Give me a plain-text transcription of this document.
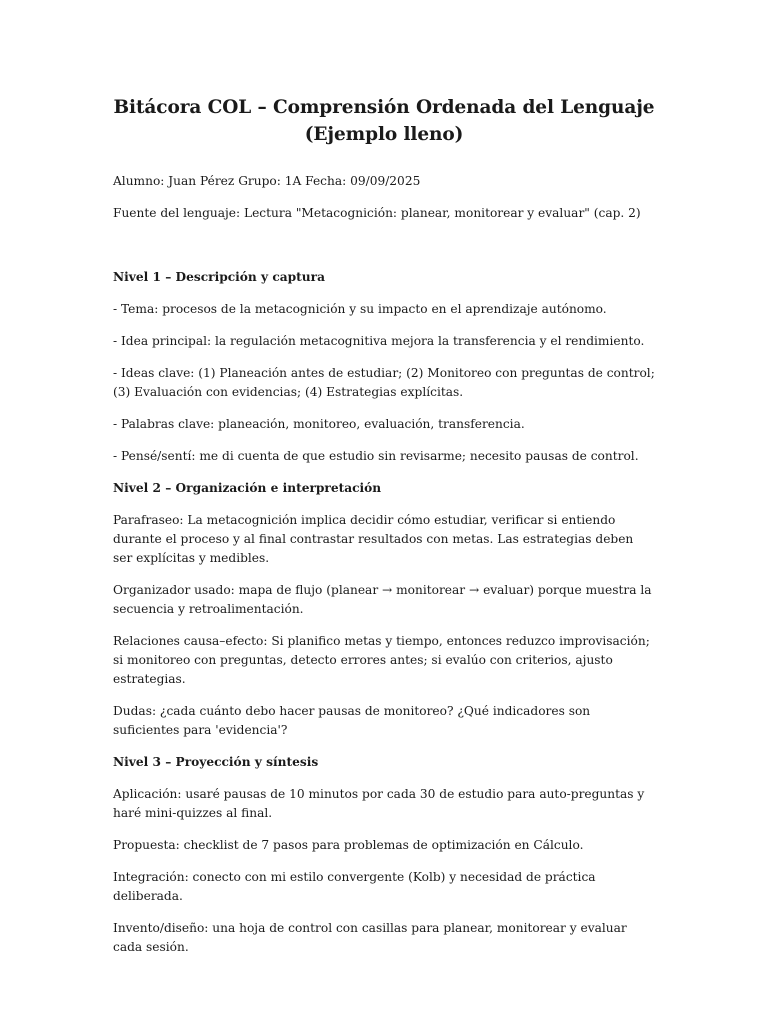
Bitácora COL – Comprensión Ordenada del Lenguaje (Ejemplo lleno)

Alumno: Juan Pérez Grupo: 1A Fecha: 09/09/2025

Fuente del lenguaje: Lectura "Metacognición: planear, monitorear y evaluar" (cap. 2)

Nivel 1 – Descripción y captura

- Tema: procesos de la metacognición y su impacto en el aprendizaje autónomo.

- Idea principal: la regulación metacognitiva mejora la transferencia y el rendimiento.

- Ideas clave: (1) Planeación antes de estudiar; (2) Monitoreo con preguntas de control; (3) Evaluación con evidencias; (4) Estrategias explícitas.

- Palabras clave: planeación, monitoreo, evaluación, transferencia.

- Pensé/sentí: me di cuenta de que estudio sin revisarme; necesito pausas de control.

Nivel 2 – Organización e interpretación

Parafraseo: La metacognición implica decidir cómo estudiar, verificar si entiendo durante el proceso y al final contrastar resultados con metas. Las estrategias deben ser explícitas y medibles.

Organizador usado: mapa de flujo (planear → monitorear → evaluar) porque muestra la secuencia y retroalimentación.

Relaciones causa–efecto: Si planifico metas y tiempo, entonces reduzco improvisación; si monitoreo con preguntas, detecto errores antes; si evalúo con criterios, ajusto estrategias.

Dudas: ¿cada cuánto debo hacer pausas de monitoreo? ¿Qué indicadores son suficientes para 'evidencia'?

Nivel 3 – Proyección y síntesis

Aplicación: usaré pausas de 10 minutos por cada 30 de estudio para auto-preguntas y haré mini-quizzes al final.

Propuesta: checklist de 7 pasos para problemas de optimización en Cálculo.

Integración: conecto con mi estilo convergente (Kolb) y necesidad de práctica deliberada.

Invento/diseño: una hoja de control con casillas para planear, monitorear y evaluar cada sesión.
